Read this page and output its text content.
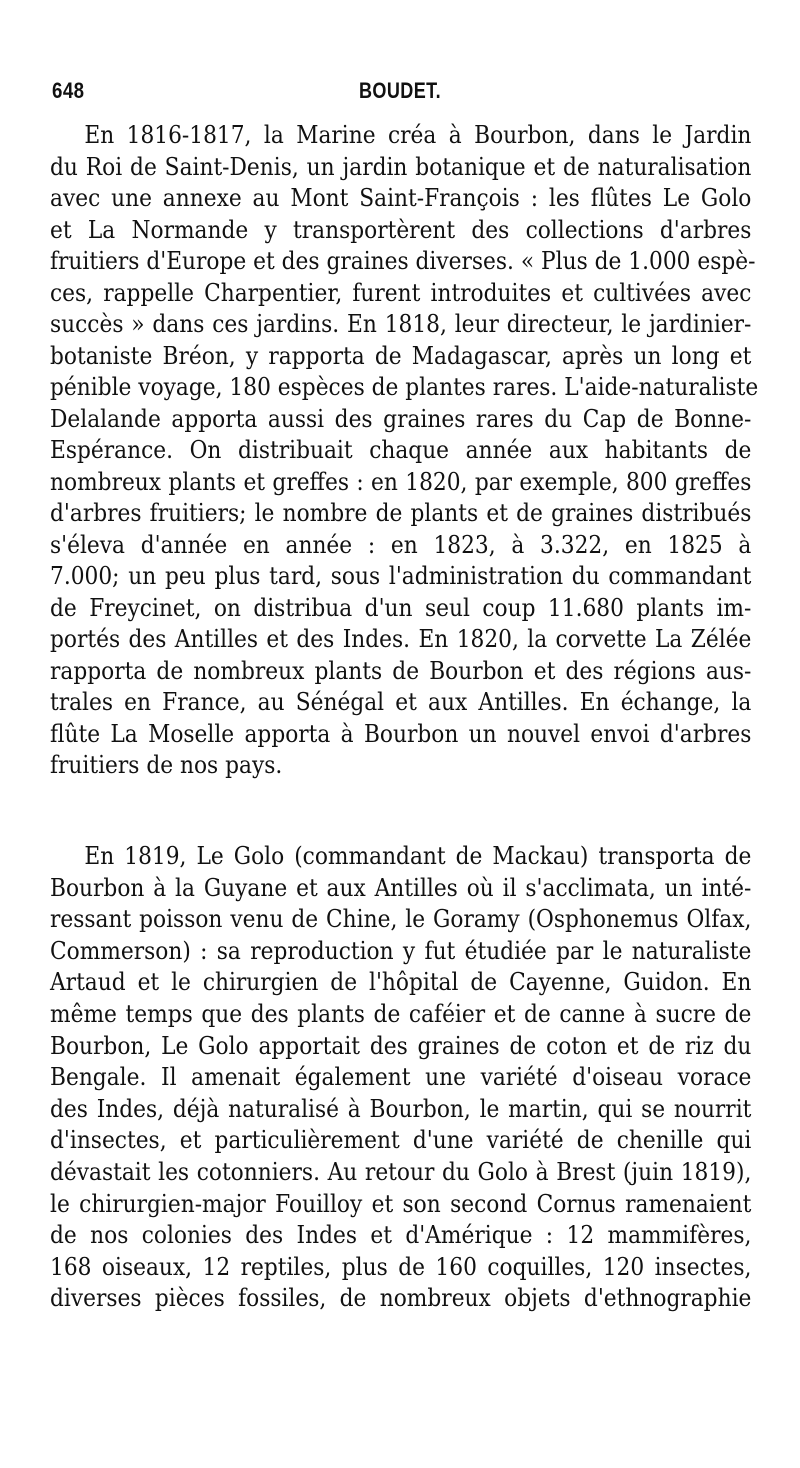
648	BOUDET.
En 1816-1817, la Marine créa à Bourbon, dans le Jardin
du Roi de Saint-Denis, un jardin botanique et de naturalisation
avec une annexe au Mont Saint-François : les flûtes Le Golo
et La Normande y transportèrent des collections d'arbres
fruitiers d'Europe et des graines diverses. « Plus de 1.000 espè-
ces, rappelle Charpentier, furent introduites et cultivées avec
succès » dans ces jardins. En 1818, leur directeur, le jardinier-
botaniste Bréon, y rapporta de Madagascar, après un long et
pénible voyage, 180 espèces de plantes rares. L'aide-naturaliste
Delalande apporta aussi des graines rares du Cap de Bonne-
Espérance. On distribuait chaque année aux habitants de
nombreux plants et greffes : en 1820, par exemple, 800 greffes
d'arbres fruitiers; le nombre de plants et de graines distribués
s'éleva d'année en année : en 1823, à 3.322, en 1825 à
7.000; un peu plus tard, sous l'administration du commandant
de Freycinet, on distribua d'un seul coup 11.680 plants im-
portés des Antilles et des Indes. En 1820, la corvette La Zélée
rapporta de nombreux plants de Bourbon et des régions aus-
trales en France, au Sénégal et aux Antilles. En échange, la
flûte La Moselle apporta à Bourbon un nouvel envoi d'arbres
fruitiers de nos pays.
En 1819, Le Golo (commandant de Mackau) transporta de
Bourbon à la Guyane et aux Antilles où il s'acclimata, un inté-
ressant poisson venu de Chine, le Goramy (Osphonemus Olfax,
Commerson) : sa reproduction y fut étudiée par le naturaliste
Artaud et le chirurgien de l'hôpital de Cayenne, Guidon. En
même temps que des plants de caféier et de canne à sucre de
Bourbon, Le Golo apportait des graines de coton et de riz du
Bengale. Il amenait également une variété d'oiseau vorace
des Indes, déjà naturalisé à Bourbon, le martin, qui se nourrit
d'insectes, et particulièrement d'une variété de chenille qui
dévastait les cotonniers. Au retour du Golo à Brest (juin 1819),
le chirurgien-major Fouilloy et son second Cornus ramenaient
de nos colonies des Indes et d'Amérique : 12 mammifères,
168 oiseaux, 12 reptiles, plus de 160 coquilles, 120 insectes,
diverses pièces fossiles, de nombreux objets d'ethnographie
